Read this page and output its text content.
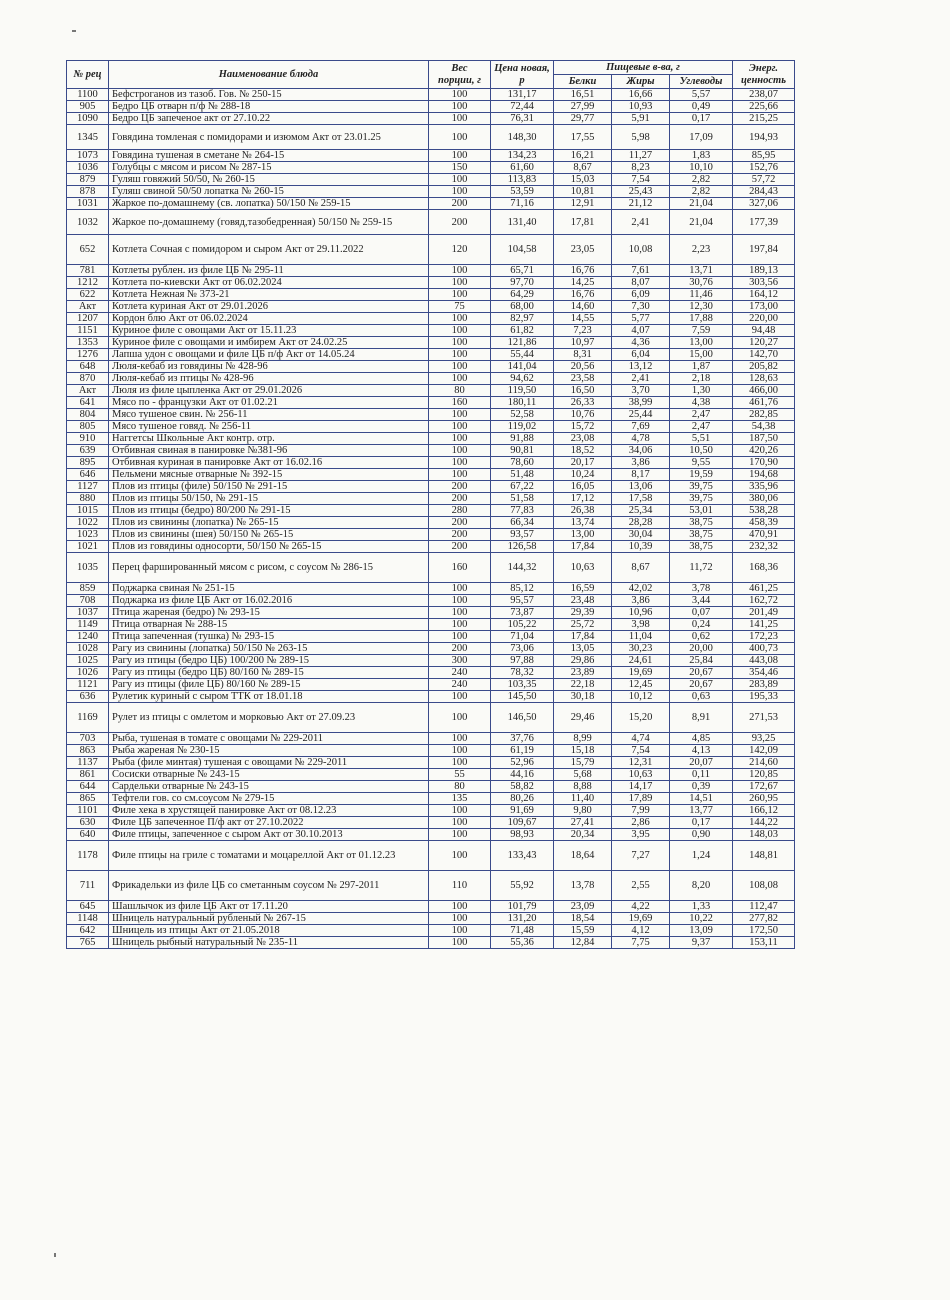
№ рец	Наименование блюда	Вес порции, г	Цена новая, р	Пищевые в-ва, г			Энерг. ценность
				Белки	Жиры	Углеводы	
1100	Бефстроганов из тазоб. Гов. № 250-15	100	131,17	16,51	16,66	5,57	238,07
905	Бедро ЦБ отварн п/ф № 288-18	100	72,44	27,99	10,93	0,49	225,66
1090	Бедро ЦБ запеченое акт от 27.10.22	100	76,31	29,77	5,91	0,17	215,25
1345	Говядина томленая с помидорами и изюмом Акт от 23.01.25	100	148,30	17,55	5,98	17,09	194,93
1073	Говядина тушеная в сметане № 264-15	100	134,23	16,21	11,27	1,83	85,95
1036	Голубцы с мясом и рисом № 287-15	150	61,60	8,67	8,23	10,10	152,76
879	Гуляш говяжий 50/50, № 260-15	100	113,83	15,03	7,54	2,82	57,72
878	Гуляш свиной 50/50 лопатка № 260-15	100	53,59	10,81	25,43	2,82	284,43
1031	Жаркое по-домашнему (св. лопатка) 50/150 № 259-15	200	71,16	12,91	21,12	21,04	327,06
1032	Жаркое по-домашнему (говяд,тазобедренная) 50/150 № 259-15	200	131,40	17,81	2,41	21,04	177,39
652	Котлета Сочная с помидором и сыром Акт от 29.11.2022	120	104,58	23,05	10,08	2,23	197,84
781	Котлеты рублен. из филе ЦБ № 295-11	100	65,71	16,76	7,61	13,71	189,13
1212	Котлета по-киевски Акт от 06.02.2024	100	97,70	14,25	8,07	30,76	303,56
622	Котлета Нежная № 373-21	100	64,29	16,76	6,09	11,46	164,12
Акт	Котлета куриная Акт от 29.01.2026	75	68,00	14,60	7,30	12,30	173,00
1207	Кордон блю Акт от 06.02.2024	100	82,97	14,55	5,77	17,88	220,00
1151	Куриное филе с овощами Акт от 15.11.23	100	61,82	7,23	4,07	7,59	94,48
1353	Куриное филе с овощами и имбирем Акт от 24.02.25	100	121,86	10,97	4,36	13,00	120,27
1276	Лапша удон с овощами и филе ЦБ п/ф Акт от 14.05.24	100	55,44	8,31	6,04	15,00	142,70
648	Люля-кебаб из говядины № 428-96	100	141,04	20,56	13,12	1,87	205,82
870	Люля-кебаб из птицы № 428-96	100	94,62	23,58	2,41	2,18	128,63
Акт	Люля из филе цыпленка Акт от 29.01.2026	80	119,50	16,50	3,70	1,30	466,00
641	Мясо по - французки Акт от 01.02.21	160	180,11	26,33	38,99	4,38	461,76
804	Мясо тушеное свин. № 256-11	100	52,58	10,76	25,44	2,47	282,85
805	Мясо тушеное говяд. № 256-11	100	119,02	15,72	7,69	2,47	54,38
910	Наггетсы Школьные Акт контр. отр.	100	91,88	23,08	4,78	5,51	187,50
639	Отбивная свиная в панировке №381-96	100	90,81	18,52	34,06	10,50	420,26
895	Отбивная куриная в панировке Акт от 16.02.16	100	78,60	20,17	3,86	9,55	170,90
646	Пельмени мясные отварные № 392-15	100	51,48	10,24	8,17	19,59	194,68
1127	Плов из птицы (филе) 50/150 № 291-15	200	67,22	16,05	13,06	39,75	335,96
880	Плов из птицы 50/150, № 291-15	200	51,58	17,12	17,58	39,75	380,06
1015	Плов из птицы (бедро) 80/200 № 291-15	280	77,83	26,38	25,34	53,01	538,28
1022	Плов из свинины (лопатка) № 265-15	200	66,34	13,74	28,28	38,75	458,39
1023	Плов из свинины (шея) 50/150 № 265-15	200	93,57	13,00	30,04	38,75	470,91
1021	Плов из говядины односорти, 50/150 № 265-15	200	126,58	17,84	10,39	38,75	232,32
1035	Перец фаршированный мясом с рисом, с соусом № 286-15	160	144,32	10,63	8,67	11,72	168,36
859	Поджарка свиная № 251-15	100	85,12	16,59	42,02	3,78	461,25
708	Поджарка из филе ЦБ Акт от 16.02.2016	100	95,57	23,48	3,86	3,44	162,72
1037	Птица жареная (бедро) № 293-15	100	73,87	29,39	10,96	0,07	201,49
1149	Птица отварная № 288-15	100	105,22	25,72	3,98	0,24	141,25
1240	Птица запеченная (тушка) № 293-15	100	71,04	17,84	11,04	0,62	172,23
1028	Рагу из свинины (лопатка) 50/150 № 263-15	200	73,06	13,05	30,23	20,00	400,73
1025	Рагу из птицы (бедро ЦБ) 100/200 № 289-15	300	97,88	29,86	24,61	25,84	443,08
1026	Рагу из птицы (бедро ЦБ) 80/160 № 289-15	240	78,32	23,89	19,69	20,67	354,46
1121	Рагу из птицы (филе ЦБ) 80/160 № 289-15	240	103,35	22,18	12,45	20,67	283,89
636	Рулетик куриный с сыром ТТК от 18.01.18	100	145,50	30,18	10,12	0,63	195,33
1169	Рулет из птицы с омлетом и морковью Акт от 27.09.23	100	146,50	29,46	15,20	8,91	271,53
703	Рыба, тушеная в томате с овощами № 229-2011	100	37,76	8,99	4,74	4,85	93,25
863	Рыба жареная № 230-15	100	61,19	15,18	7,54	4,13	142,09
1137	Рыба (филе минтая) тушеная с овощами № 229-2011	100	52,96	15,79	12,31	20,07	214,60
861	Сосиски отварные № 243-15	55	44,16	5,68	10,63	0,11	120,85
644	Сардельки отварные № 243-15	80	58,82	8,88	14,17	0,39	172,67
865	Тефтели гов. со см.соусом № 279-15	135	80,26	11,40	17,89	14,51	260,95
1101	Филе хека в хрустящей панировке Акт от 08.12.23	100	91,69	9,80	7,99	13,77	166,12
630	Филе ЦБ запеченное П/ф акт от 27.10.2022	100	109,67	27,41	2,86	0,17	144,22
640	Филе птицы, запеченное с сыром Акт от 30.10.2013	100	98,93	20,34	3,95	0,90	148,03
1178	Филе птицы на гриле с томатами и моцареллой Акт от 01.12.23	100	133,43	18,64	7,27	1,24	148,81
711	Фрикадельки из филе ЦБ со сметанным соусом № 297-2011	110	55,92	13,78	2,55	8,20	108,08
645	Шашлычок из филе ЦБ Акт от 17.11.20	100	101,79	23,09	4,22	1,33	112,47
1148	Шницель натуральный рубленый № 267-15	100	131,20	18,54	19,69	10,22	277,82
642	Шницель из птицы Акт от 21.05.2018	100	71,48	15,59	4,12	13,09	172,50
765	Шницель рыбный натуральный № 235-11	100	55,36	12,84	7,75	9,37	153,11
